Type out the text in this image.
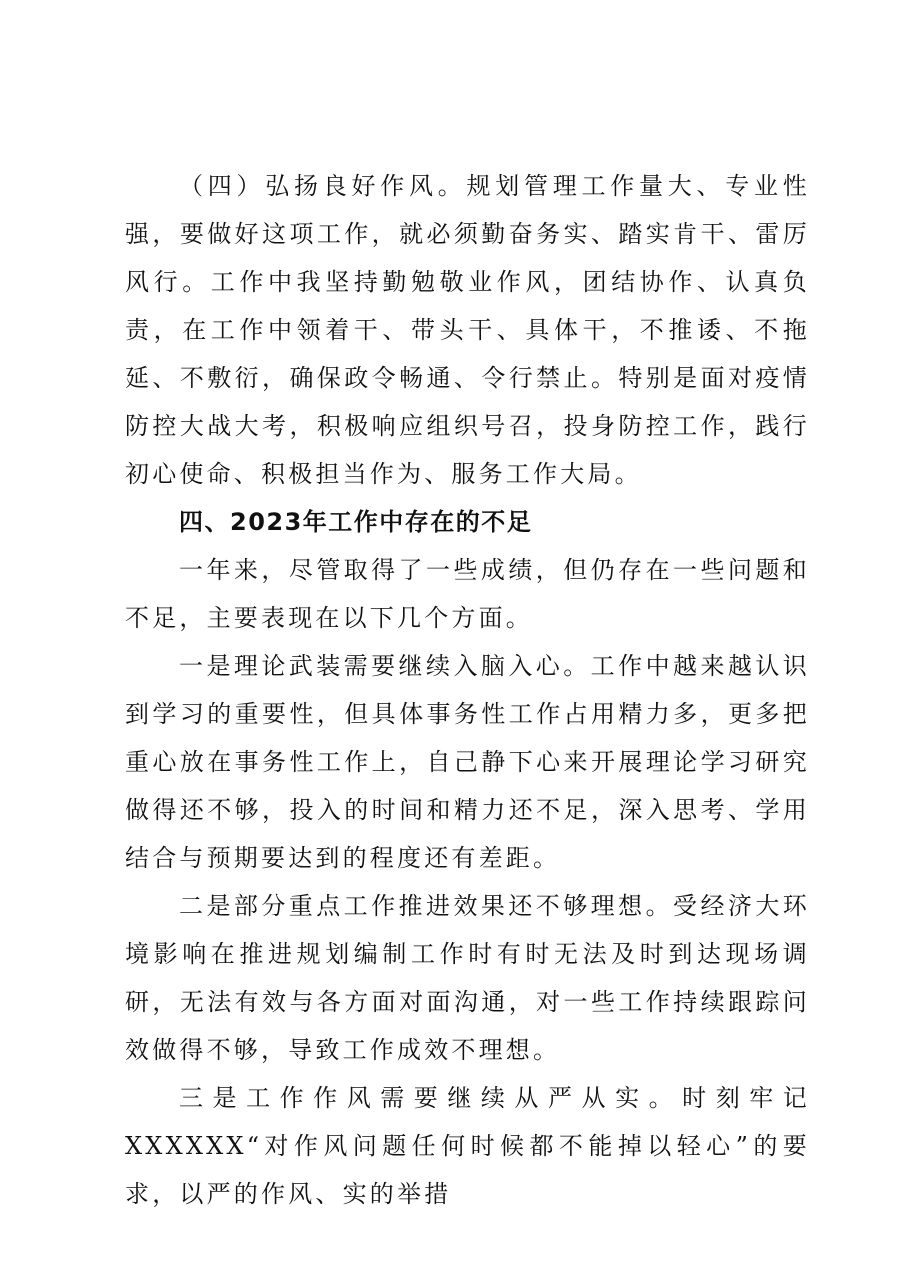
（四）弘扬良好作风。规划管理工作量大、专业性强，要做好这项工作，就必须勤奋务实、踏实肯干、雷厉风行。工作中我坚持勤勉敬业作风，团结协作、认真负责，在工作中领着干、带头干、具体干，不推诿、不拖延、不敷衍，确保政令畅通、令行禁止。特别是面对疫情防控大战大考，积极响应组织号召，投身防控工作，践行初心使命、积极担当作为、服务工作大局。

四、2023年工作中存在的不足

一年来，尽管取得了一些成绩，但仍存在一些问题和不足，主要表现在以下几个方面。

一是理论武装需要继续入脑入心。工作中越来越认识到学习的重要性，但具体事务性工作占用精力多，更多把重心放在事务性工作上，自己静下心来开展理论学习研究做得还不够，投入的时间和精力还不足，深入思考、学用结合与预期要达到的程度还有差距。

二是部分重点工作推进效果还不够理想。受经济大环境影响在推进规划编制工作时有时无法及时到达现场调研，无法有效与各方面对面沟通，对一些工作持续跟踪问效做得不够，导致工作成效不理想。

三是工作作风需要继续从严从实。时刻牢记XXXXXX“对作风问题任何时候都不能掉以轻心”的要求，以严的作风、实的举措
